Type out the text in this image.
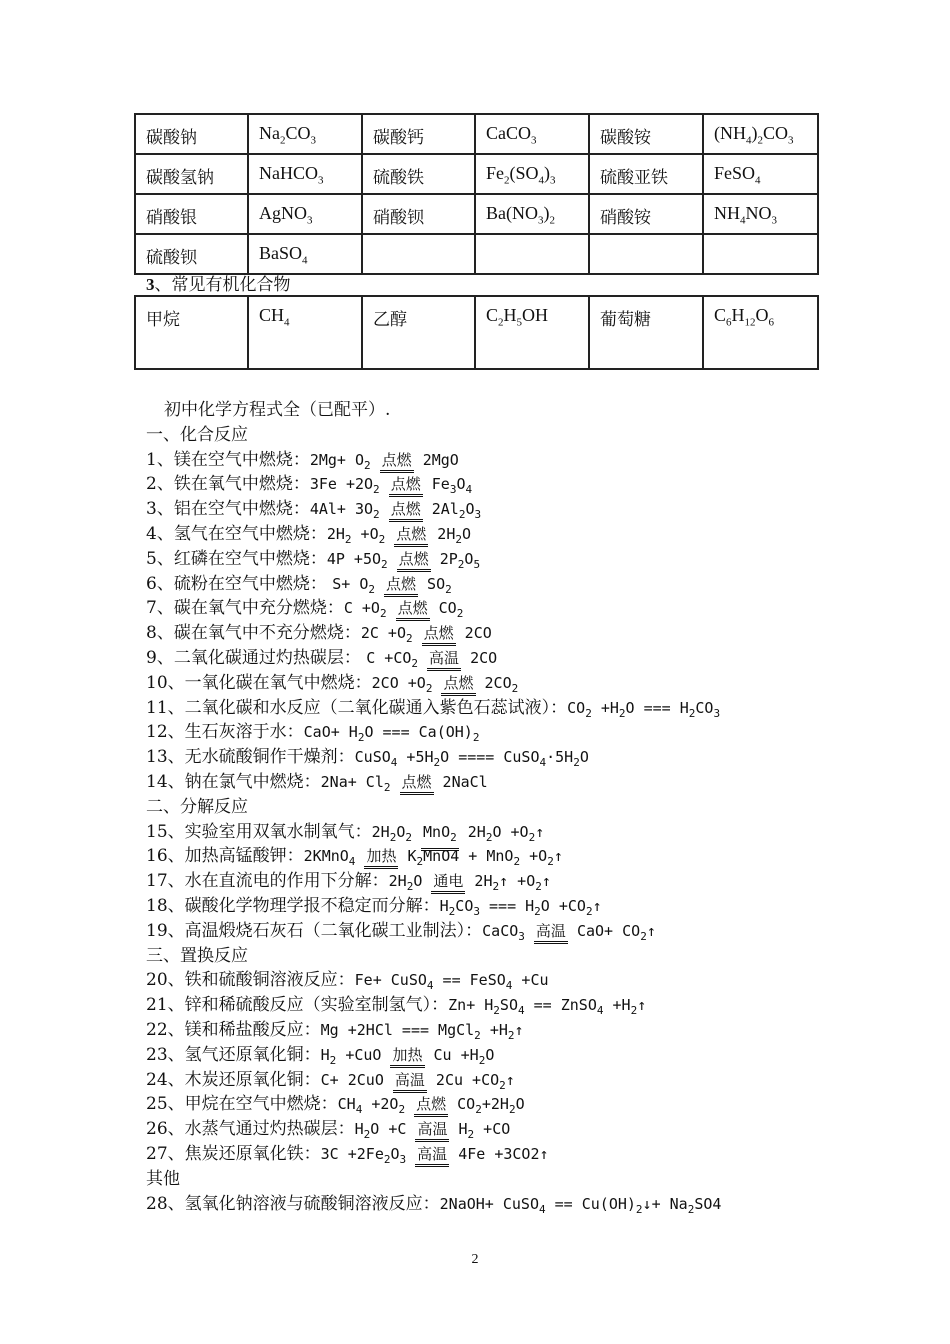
碳酸钠	$Na_2CO_3$	碳酸钙	CaCO$_3$	碳酸铵	$(NH_4)_2CO_3$
碳酸氢钠	NaHCO$_3$	硫酸铁	$Fe_2(SO_4)_3$	硫酸亚铁	FeSO$_4$
硝酸银	AgNO$_3$	硝酸钡	$Ba(NO_3)_2$	硝酸铵	$NH_4NO_3$
硫酸钡	BaSO$_4$				
3、常见有机化合物
甲烷	$CH_4$	乙醇	$C_2H_5OH$	葡萄糖	$C_6H_{12}O_6$
初中化学方程式全（已配平）.
一、化合反应
1、镁在空气中燃烧：$2Mg+ O_2$ 点燃 2MgO
2、铁在氧气中燃烧：$3Fe +2O_2$ 点燃 $Fe_3O_4$
3、铝在空气中燃烧：$4Al+ 3O_2$ 点燃 $2Al_2O_3$
4、氢气在空气中燃烧：$2H_2 +O_2$ 点燃 $2H_2O$
5、红磷在空气中燃烧：$4P +5O_2$ 点燃 $2P_2O_5$
6、硫粉在空气中燃烧： $S+ O_2$ 点燃 $SO_2$
7、碳在氧气中充分燃烧：$C +O_2$ 点燃 $CO_2$
8、碳在氧气中不充分燃烧：$2C +O_2$ 点燃 2CO
9、二氧化碳通过灼热碳层： $C +CO_2$ 高温 2CO
10、一氧化碳在氧气中燃烧：$2CO +O_2$ 点燃 $2CO_2$
11、二氧化碳和水反应（二氧化碳通入紫色石蕊试液）：$CO_2 +H_2O$ === $H_2CO_3$
12、生石灰溶于水：$CaO+ H_2O$ === $Ca(OH)_2$
13、无水硫酸铜作干燥剂：CuSO$_4$ $+5H_2O$ ==== $CuSO_4\cdot 5H_2O$
14、钠在氯气中燃烧：$2Na+ Cl_2$ 点燃 2NaCl
二、分解反应
15、实验室用双氧水制氧气：$2H_2O_2$ MnO$_2$ $2H_2O$ $+O_2↑$
16、加热高锰酸钾：2KMnO$_4$ 加热 $K_2MnO4 + MnO_2$ $+O_2↑$
17、水在直流电的作用下分解：$2H_2O$ 通电 $2H_2↑$ $+O_2↑$
18、碳酸化学物理学报不稳定而分解：$H_2CO_3$ === $H_2O$ $+CO_2↑$
19、高温煅烧石灰石（二氧化碳工业制法）：CaCO$_3$ 高温 $CaO+ CO_2↑$
三、置换反应
20、铁和硫酸铜溶液反应：Fe+ CuSO$_4$ == FeSO$_4$ +Cu
21、锌和稀硫酸反应（实验室制氢气）：$Zn+ H_2SO_4$ == ZnSO$_4$ $+H_2↑$
22、镁和稀盐酸反应：Mg +2HCl === MgCl$_2$ $+H_2↑$
23、氢气还原氧化铜：$H_2 +CuO$ 加热 $Cu +H_2O$
24、木炭还原氧化铜：C+ 2CuO 高温 $2Cu +CO_2↑$
25、甲烷在空气中燃烧：$CH_4 +2O_2$ 点燃 $CO_2+2H_2O$
26、水蒸气通过灼热碳层：$H_2O +C$ 高温 $H_2 +CO$
27、焦炭还原氧化铁：$3C +2Fe_2O_3$ 高温 4Fe +3CO2↑
其他
28、氢氧化钠溶液与硫酸铜溶液反应：2NaOH+ CuSO$_4$ == $Cu(OH)_2↓+ Na_2SO4$
2
